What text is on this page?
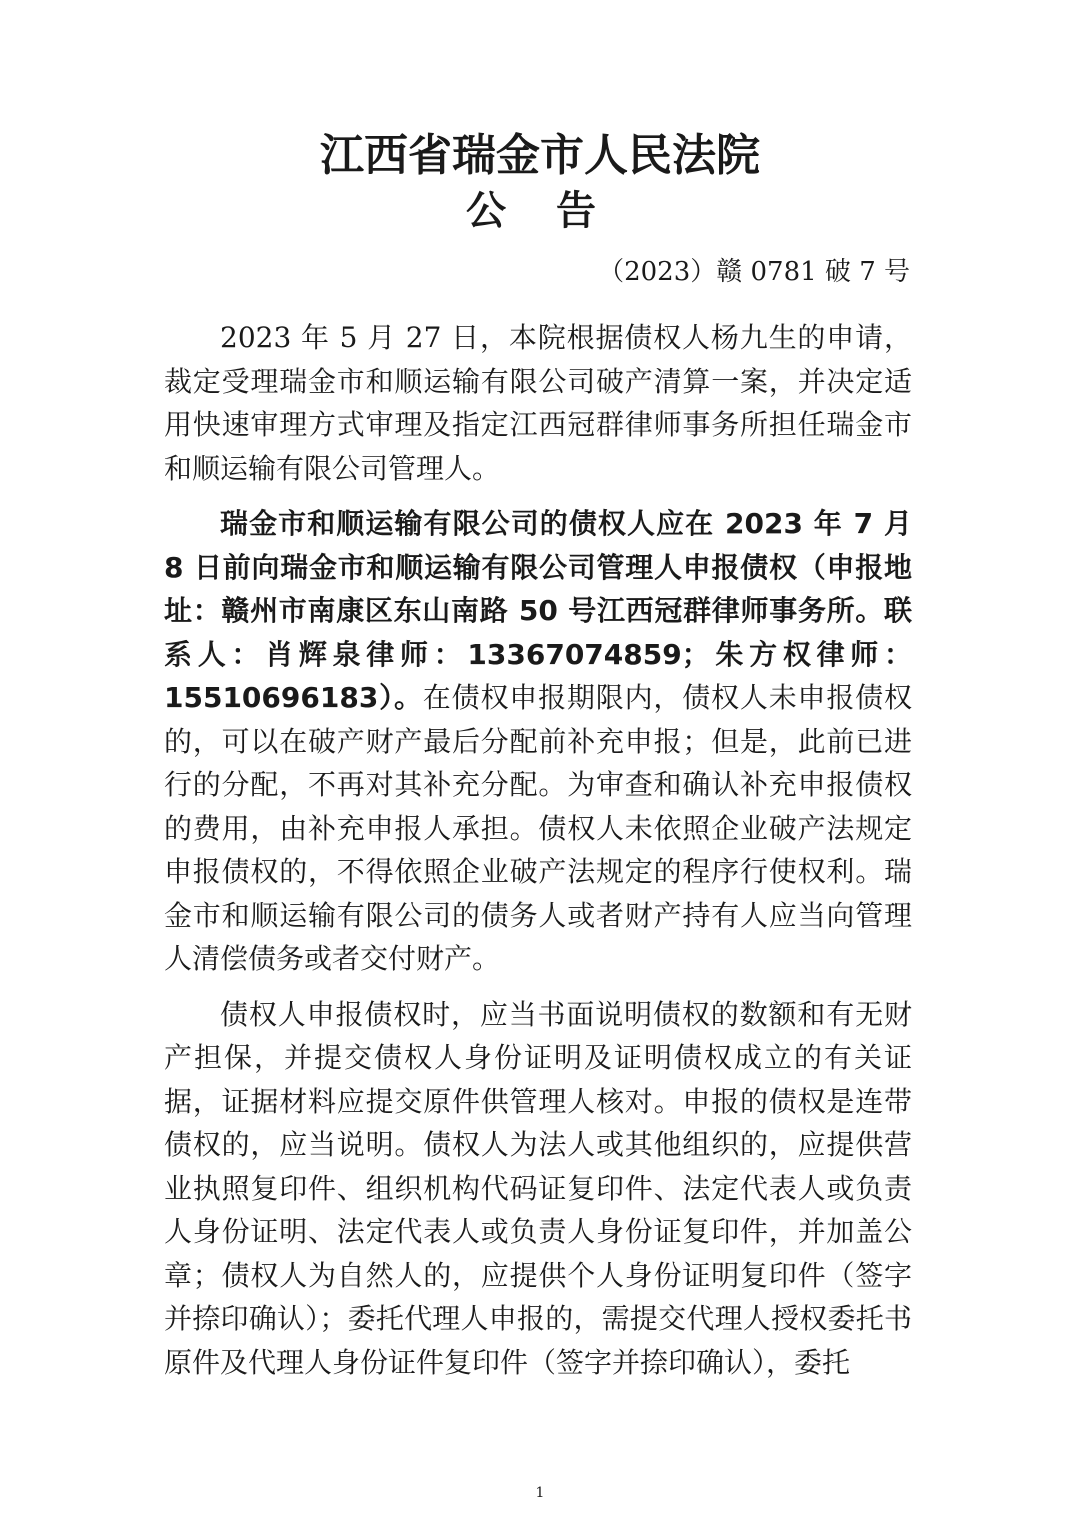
江西省瑞金市人民法院
公 告
（2023）赣 0781 破 7 号

2023 年 5 月 27 日，本院根据债权人杨九生的申请，裁定受理瑞金市和顺运输有限公司破产清算一案，并决定适用快速审理方式审理及指定江西冠群律师事务所担任瑞金市和顺运输有限公司管理人。

瑞金市和顺运输有限公司的债权人应在 2023 年 7 月 8 日前向瑞金市和顺运输有限公司管理人申报债权（申报地址：赣州市南康区东山南路 50 号江西冠群律师事务所。联系人：肖辉泉律师：13367074859；朱方权律师：15510696183）。在债权申报期限内，债权人未申报债权的，可以在破产财产最后分配前补充申报；但是，此前已进行的分配，不再对其补充分配。为审查和确认补充申报债权的费用，由补充申报人承担。债权人未依照企业破产法规定申报债权的，不得依照企业破产法规定的程序行使权利。瑞金市和顺运输有限公司的债务人或者财产持有人应当向管理人清偿债务或者交付财产。

债权人申报债权时，应当书面说明债权的数额和有无财产担保，并提交债权人身份证明及证明债权成立的有关证据，证据材料应提交原件供管理人核对。申报的债权是连带债权的，应当说明。债权人为法人或其他组织的，应提供营业执照复印件、组织机构代码证复印件、法定代表人或负责人身份证明、法定代表人或负责人身份证复印件，并加盖公章；债权人为自然人的，应提供个人身份证明复印件（签字并捺印确认）；委托代理人申报的，需提交代理人授权委托书原件及代理人身份证件复印件（签字并捺印确认），委托

1
